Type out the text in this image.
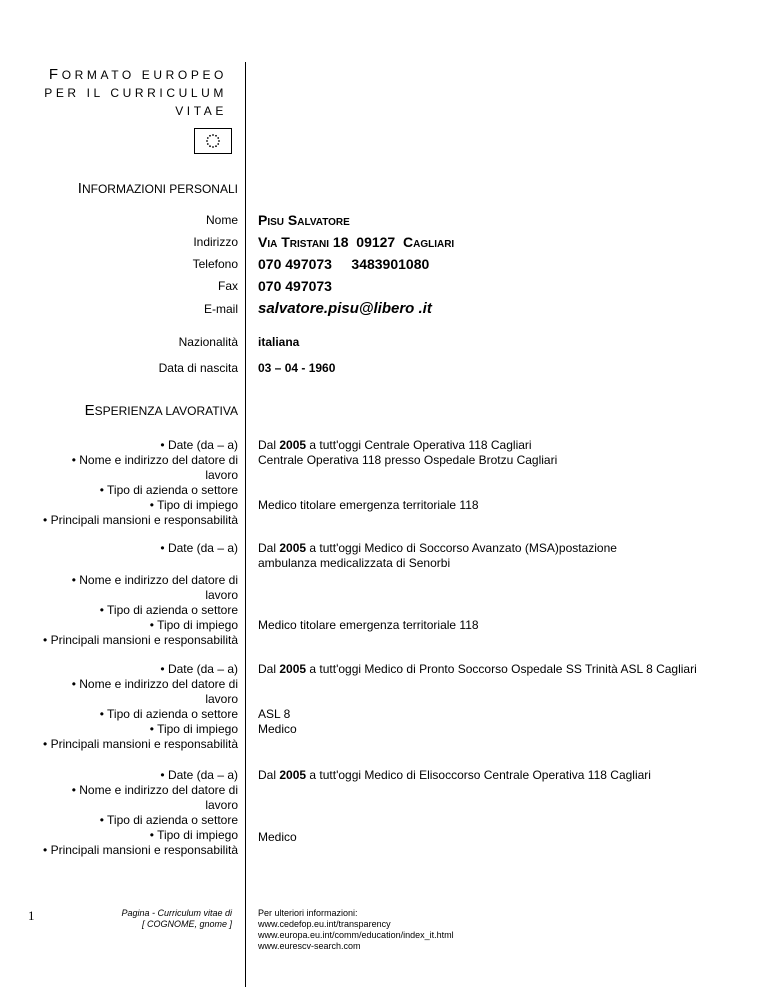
FORMATO EUROPEO
PER IL CURRICULUM
VITAE
INFORMAZIONI PERSONALI
Nome Pisu Salvatore
Indirizzo Via Tristani 18  09127  Cagliari
Telefono 070 497073     3483901080
Fax 070 497073
E-mail salvatore.pisu@libero .it
Nazionalità italiana
Data di nascita 03 – 04 - 1960
ESPERIENZA LAVORATIVA
• Date (da – a)
• Nome e indirizzo del datore di lavoro
• Tipo di azienda o settore
• Tipo di impiego
• Principali mansioni e responsabilità
Dal 2005 a tutt'oggi Centrale Operativa 118 Cagliari
Centrale Operativa 118 presso Ospedale Brotzu Cagliari
Medico titolare emergenza territoriale 118
• Date (da – a)
• Nome e indirizzo del datore di lavoro
• Tipo di azienda o settore
• Tipo di impiego
• Principali mansioni e responsabilità
Dal 2005 a tutt'oggi Medico di Soccorso Avanzato (MSA)postazione ambulanza medicalizzata di Senorbi
Medico titolare emergenza territoriale 118
• Date (da – a)
• Nome e indirizzo del datore di lavoro
• Tipo di azienda o settore
• Tipo di impiego
• Principali mansioni e responsabilità
Dal 2005 a tutt'oggi Medico di Pronto Soccorso Ospedale SS Trinità ASL 8 Cagliari
ASL 8
Medico
• Date (da – a)
• Nome e indirizzo del datore di lavoro
• Tipo di azienda o settore
• Tipo di impiego
• Principali mansioni e responsabilità
Dal 2005 a tutt'oggi Medico di Elisoccorso Centrale Operativa 118 Cagliari
Medico
1	Pagina - Curriculum vitae di
[ COGNOME, gnome ]
Per ulteriori informazioni:
www.cedefop.eu.int/transparency
www.europa.eu.int/comm/education/index_it.html
www.eurescv-search.com
